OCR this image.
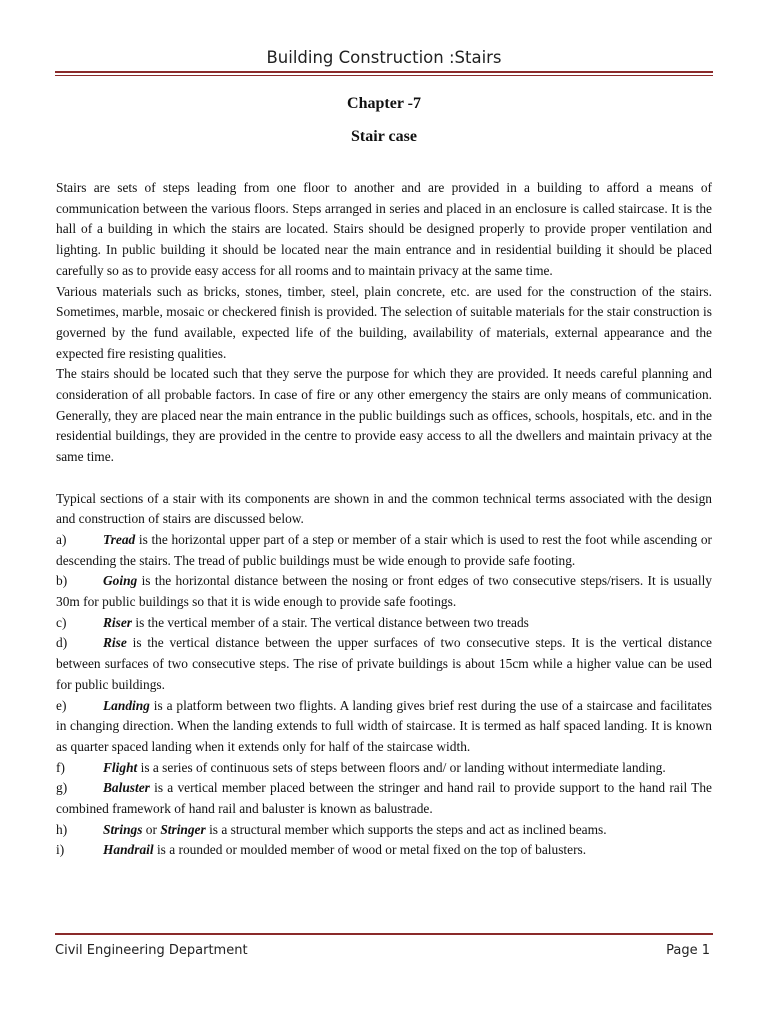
Building Construction :Stairs
Chapter -7
Stair case

Stairs are sets of steps leading from one floor to another and are provided in a building to afford a means of communication between the various floors. Steps arranged in series and placed in an enclosure is called staircase. It is the hall of a building in which the stairs are located. Stairs should be designed properly to provide proper ventilation and lighting. In public building it should be located near the main entrance and in residential building it should be placed carefully so as to provide easy access for all rooms and to maintain privacy at the same time.

Various materials such as bricks, stones, timber, steel, plain concrete, etc. are used for the construction of the stairs. Sometimes, marble, mosaic or checkered finish is provided. The selection of suitable materials for the stair construction is governed by the fund available, expected life of the building, availability of materials, external appearance and the expected fire resisting qualities.

The stairs should be located such that they serve the purpose for which they are provided. It needs careful planning and consideration of all probable factors. In case of fire or any other emergency the stairs are only means of communication. Generally, they are placed near the main entrance in the public buildings such as offices, schools, hospitals, etc. and in the residential buildings, they are provided in the centre to provide easy access to all the dwellers and maintain privacy at the same time.

Typical sections of a stair with its components are shown in and the common technical terms associated with the design and construction of stairs are discussed below.

a)	Tread is the horizontal upper part of a step or member of a stair which is used to rest the foot while ascending or descending the stairs. The tread of public buildings must be wide enough to provide safe footing.

b)	Going is the horizontal distance between the nosing or front edges of two consecutive steps/risers. It is usually 30m for public buildings so that it is wide enough to provide safe footings.

c)	Riser is the vertical member of a stair. The vertical distance between two treads

d)	Rise is the vertical distance between the upper surfaces of two consecutive steps. It is the vertical distance between surfaces of two consecutive steps. The rise of private buildings is about 15cm while a higher value can be used for public buildings.

e)	Landing is a platform between two flights. A landing gives brief rest during the use of a staircase and facilitates in changing direction. When the landing extends to full width of staircase. It is termed as half spaced landing. It is known as quarter spaced landing when it extends only for half of the staircase width.

f)	Flight is a series of continuous sets of steps between floors and/ or landing without intermediate landing.

g)	Baluster is a vertical member placed between the stringer and hand rail to provide support to the hand rail The combined framework of hand rail and baluster is known as balustrade.

h)	Strings or Stringer is a structural member which supports the steps and act as inclined beams.

i)	Handrail is a rounded or moulded member of wood or metal fixed on the top of balusters.

Civil Engineering Department	Page 1
